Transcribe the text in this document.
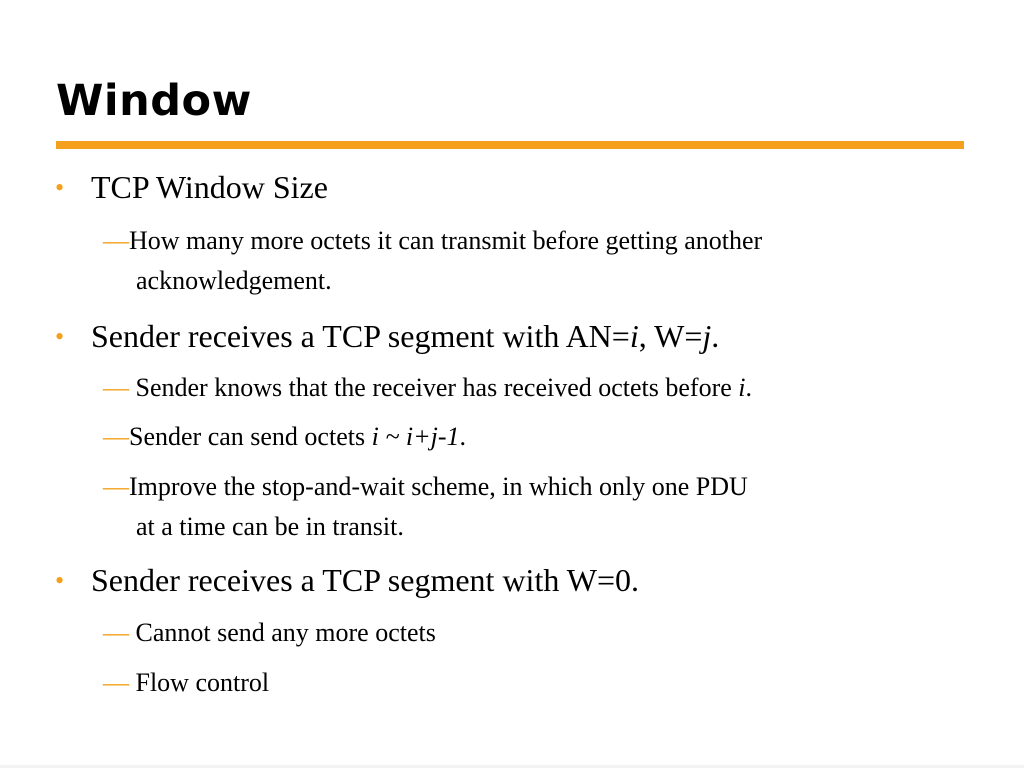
Window
• TCP Window Size

—How many more octets it can transmit before getting another

acknowledgement.

• Sender receives a TCP segment with AN=i, W=j.

— Sender knows that the receiver has received octets before i.

—Sender can send octets i ~ i+j-1.

—Improve the stop-and-wait scheme, in which only one PDU

at a time can be in transit.

• Sender receives a TCP segment with W=0.

— Cannot send any more octets

— Flow control
